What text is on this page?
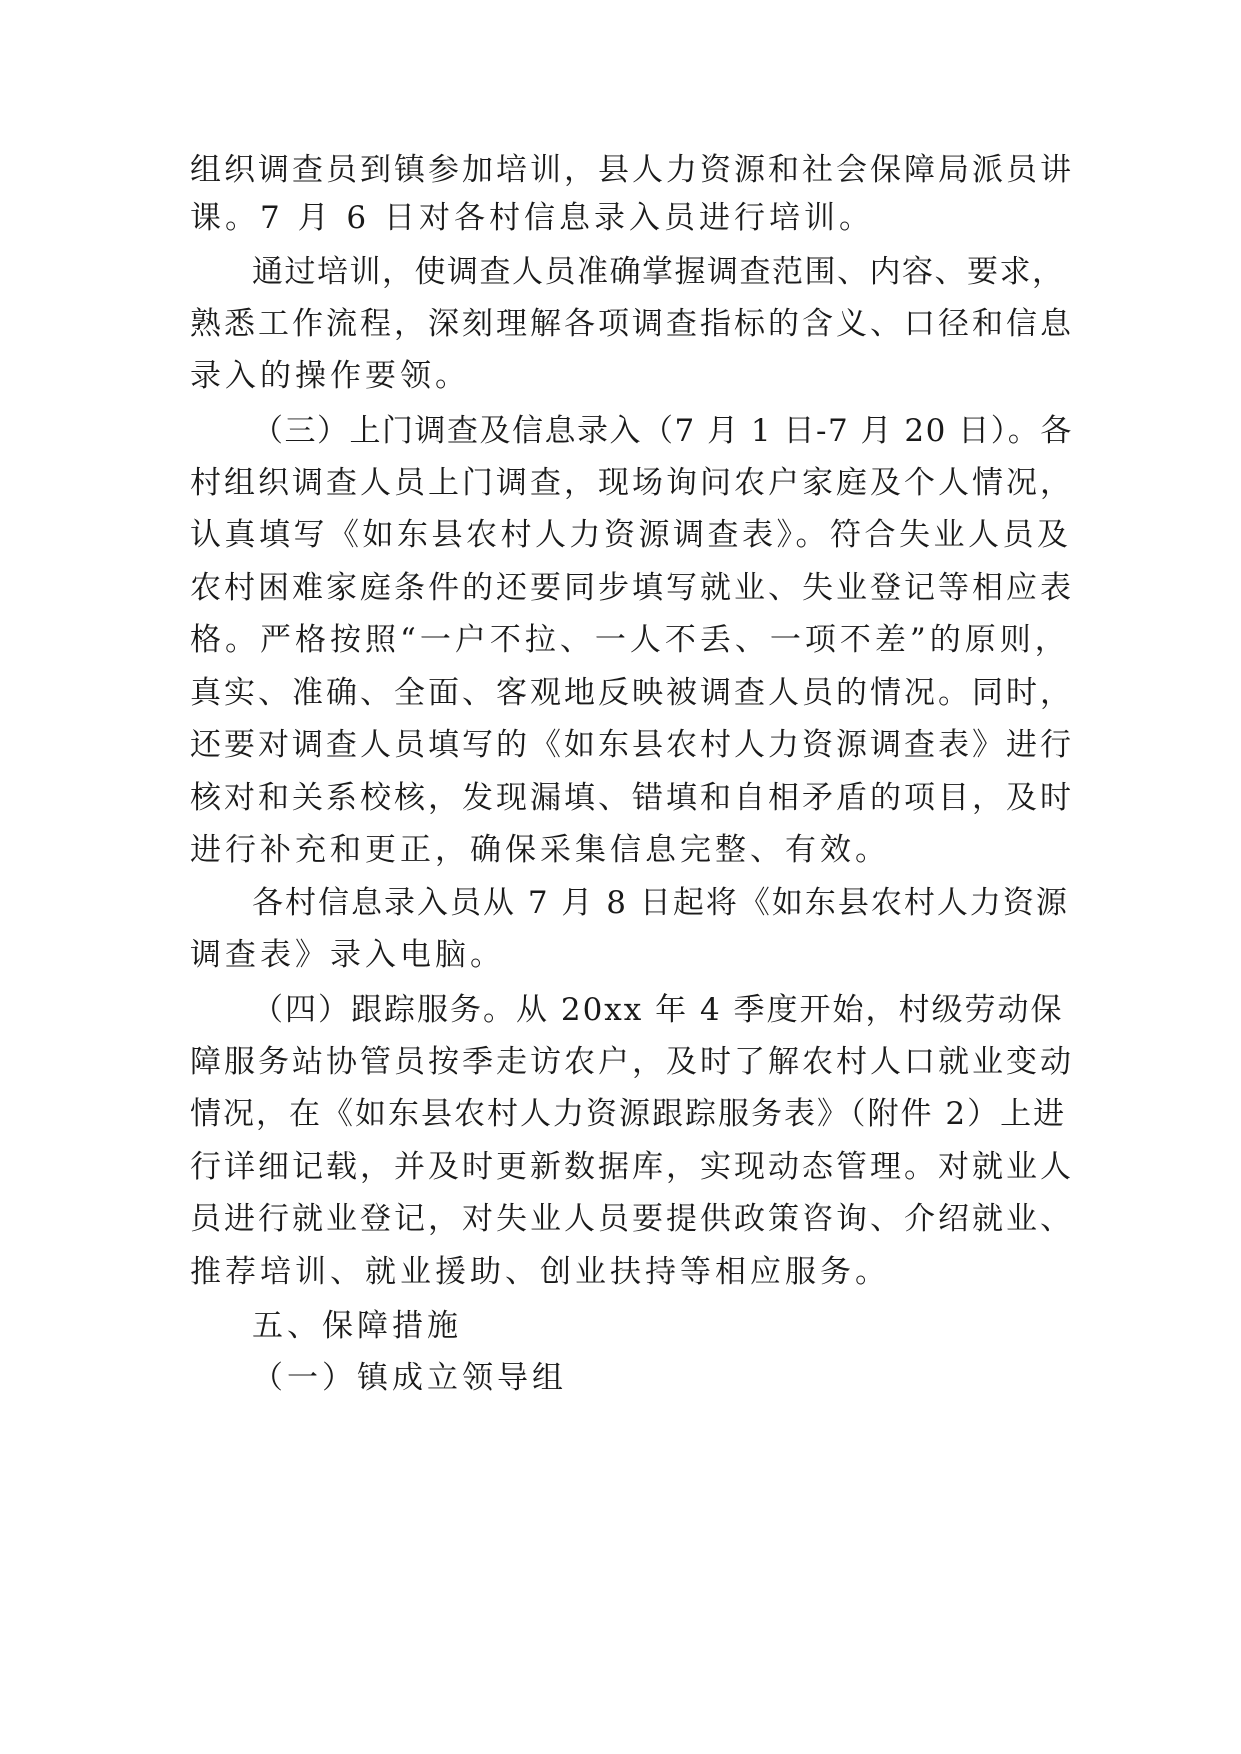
组织调查员到镇参加培训，县人力资源和社会保障局派员讲
课。7 月 6 日对各村信息录入员进行培训。
通过培训，使调查人员准确掌握调查范围、内容、要求，
熟悉工作流程，深刻理解各项调查指标的含义、口径和信息
录入的操作要领。
（三）上门调查及信息录入（7 月 1 日-7 月 20 日）。各
村组织调查人员上门调查，现场询问农户家庭及个人情况，
认真填写《如东县农村人力资源调查表》。符合失业人员及
农村困难家庭条件的还要同步填写就业、失业登记等相应表
格。严格按照“一户不拉、一人不丢、一项不差”的原则，
真实、准确、全面、客观地反映被调查人员的情况。同时，
还要对调查人员填写的《如东县农村人力资源调查表》进行
核对和关系校核，发现漏填、错填和自相矛盾的项目，及时
进行补充和更正，确保采集信息完整、有效。
各村信息录入员从 7 月 8 日起将《如东县农村人力资源
调查表》录入电脑。
（四）跟踪服务。从 20xx 年 4 季度开始，村级劳动保
障服务站协管员按季走访农户，及时了解农村人口就业变动
情况，在《如东县农村人力资源跟踪服务表》（附件 2）上进
行详细记载，并及时更新数据库，实现动态管理。对就业人
员进行就业登记，对失业人员要提供政策咨询、介绍就业、
推荐培训、就业援助、创业扶持等相应服务。
五、保障措施
（一）镇成立领导组
